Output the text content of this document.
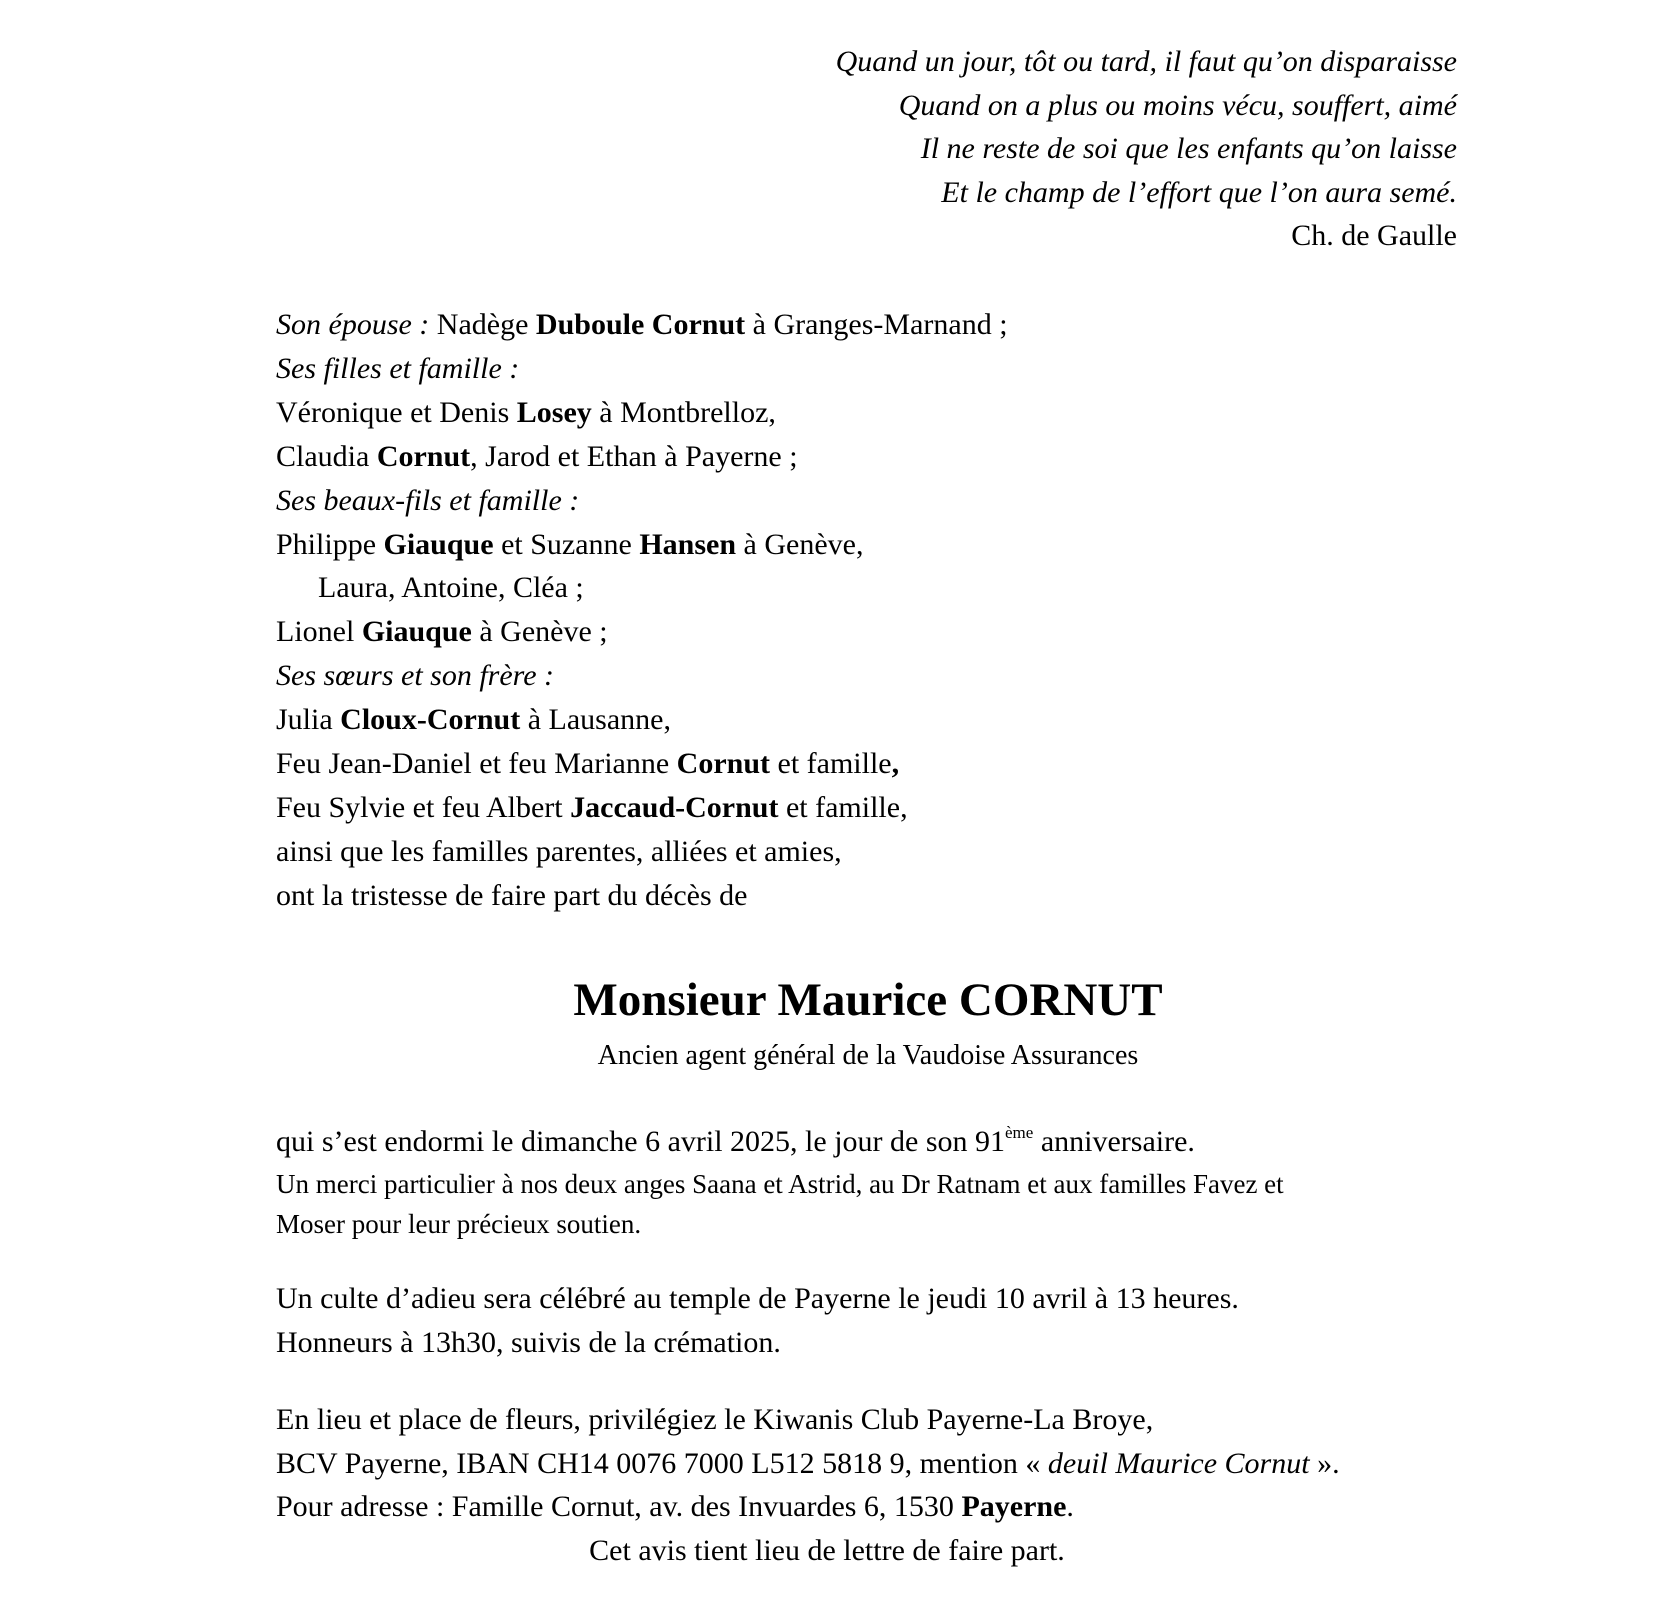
Quand un jour, tôt ou tard, il faut qu’on disparaisse
Quand on a plus ou moins vécu, souffert, aimé
Il ne reste de soi que les enfants qu’on laisse
Et le champ de l’effort que l’on aura semé.
Ch. de Gaulle
Son épouse : Nadège Duboule Cornut à Granges-Marnand ;
Ses filles et famille :
Véronique et Denis Losey à Montbrelloz,
Claudia Cornut, Jarod et Ethan à Payerne ;
Ses beaux-fils et famille :
Philippe Giauque et Suzanne Hansen à Genève,
Laura, Antoine, Cléa ;
Lionel Giauque à Genève ;
Ses sœurs et son frère :
Julia Cloux-Cornut à Lausanne,
Feu Jean-Daniel et feu Marianne Cornut et famille,
Feu Sylvie et feu Albert Jaccaud-Cornut et famille,
ainsi que les familles parentes, alliées et amies,
ont la tristesse de faire part du décès de
Monsieur Maurice CORNUT
Ancien agent général de la Vaudoise Assurances
qui s’est endormi le dimanche 6 avril 2025, le jour de son 91ème anniversaire.
Un merci particulier à nos deux anges Saana et Astrid, au Dr Ratnam et aux familles Favez et
Moser pour leur précieux soutien.
Un culte d’adieu sera célébré au temple de Payerne le jeudi 10 avril à 13 heures.
Honneurs à 13h30, suivis de la crémation.
En lieu et place de fleurs, privilégiez le Kiwanis Club Payerne-La Broye,
BCV Payerne, IBAN CH14 0076 7000 L512 5818 9, mention « deuil Maurice Cornut ».
Pour adresse : Famille Cornut, av. des Invuardes 6, 1530 Payerne.
Cet avis tient lieu de lettre de faire part.
